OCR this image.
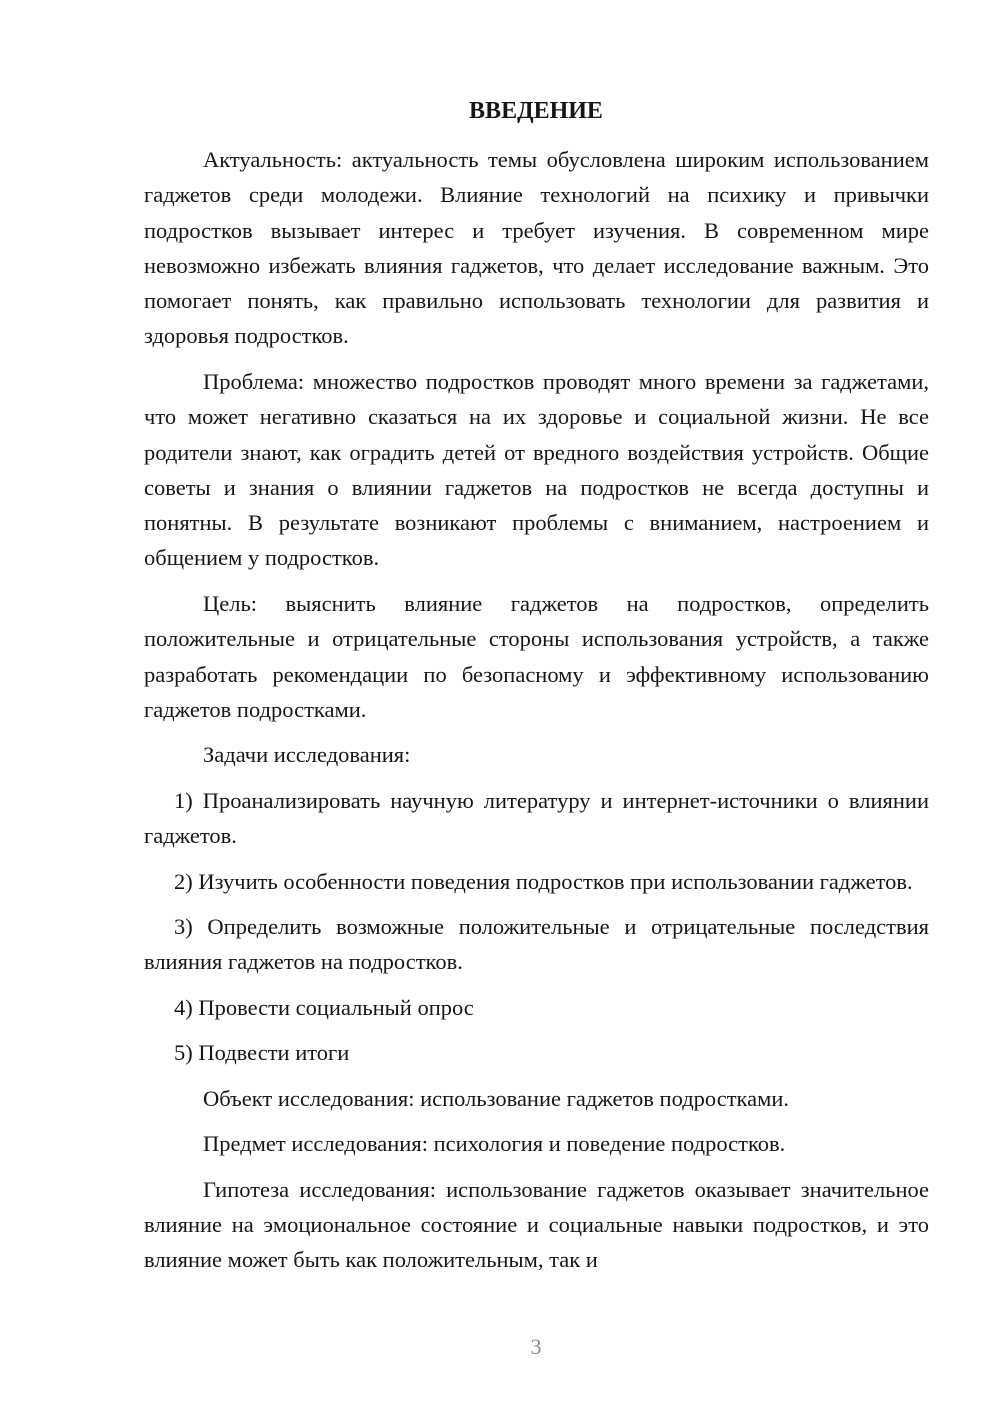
ВВЕДЕНИЕ

Актуальность: актуальность темы обусловлена широким использованием гаджетов среди молодежи. Влияние технологий на психику и привычки подростков вызывает интерес и требует изучения. В современном мире невозможно избежать влияния гаджетов, что делает исследование важным. Это помогает понять, как правильно использовать технологии для развития и здоровья подростков.

Проблема: множество подростков проводят много времени за гаджетами, что может негативно сказаться на их здоровье и социальной жизни. Не все родители знают, как оградить детей от вредного воздействия устройств. Общие советы и знания о влиянии гаджетов на подростков не всегда доступны и понятны. В результате возникают проблемы с вниманием, настроением и общением у подростков.

Цель: выяснить влияние гаджетов на подростков, определить положительные и отрицательные стороны использования устройств, а также разработать рекомендации по безопасному и эффективному использованию гаджетов подростками.

Задачи исследования:

1) Проанализировать научную литературу и интернет-источники о влиянии гаджетов.

2) Изучить особенности поведения подростков при использовании гаджетов.

3) Определить возможные положительные и отрицательные последствия влияния гаджетов на подростков.

4) Провести социальный опрос

5) Подвести итоги

Объект исследования: использование гаджетов подростками.

Предмет исследования: психология и поведение подростков.

Гипотеза исследования: использование гаджетов оказывает значительное влияние на эмоциональное состояние и социальные навыки подростков, и это влияние может быть как положительным, так и

3
